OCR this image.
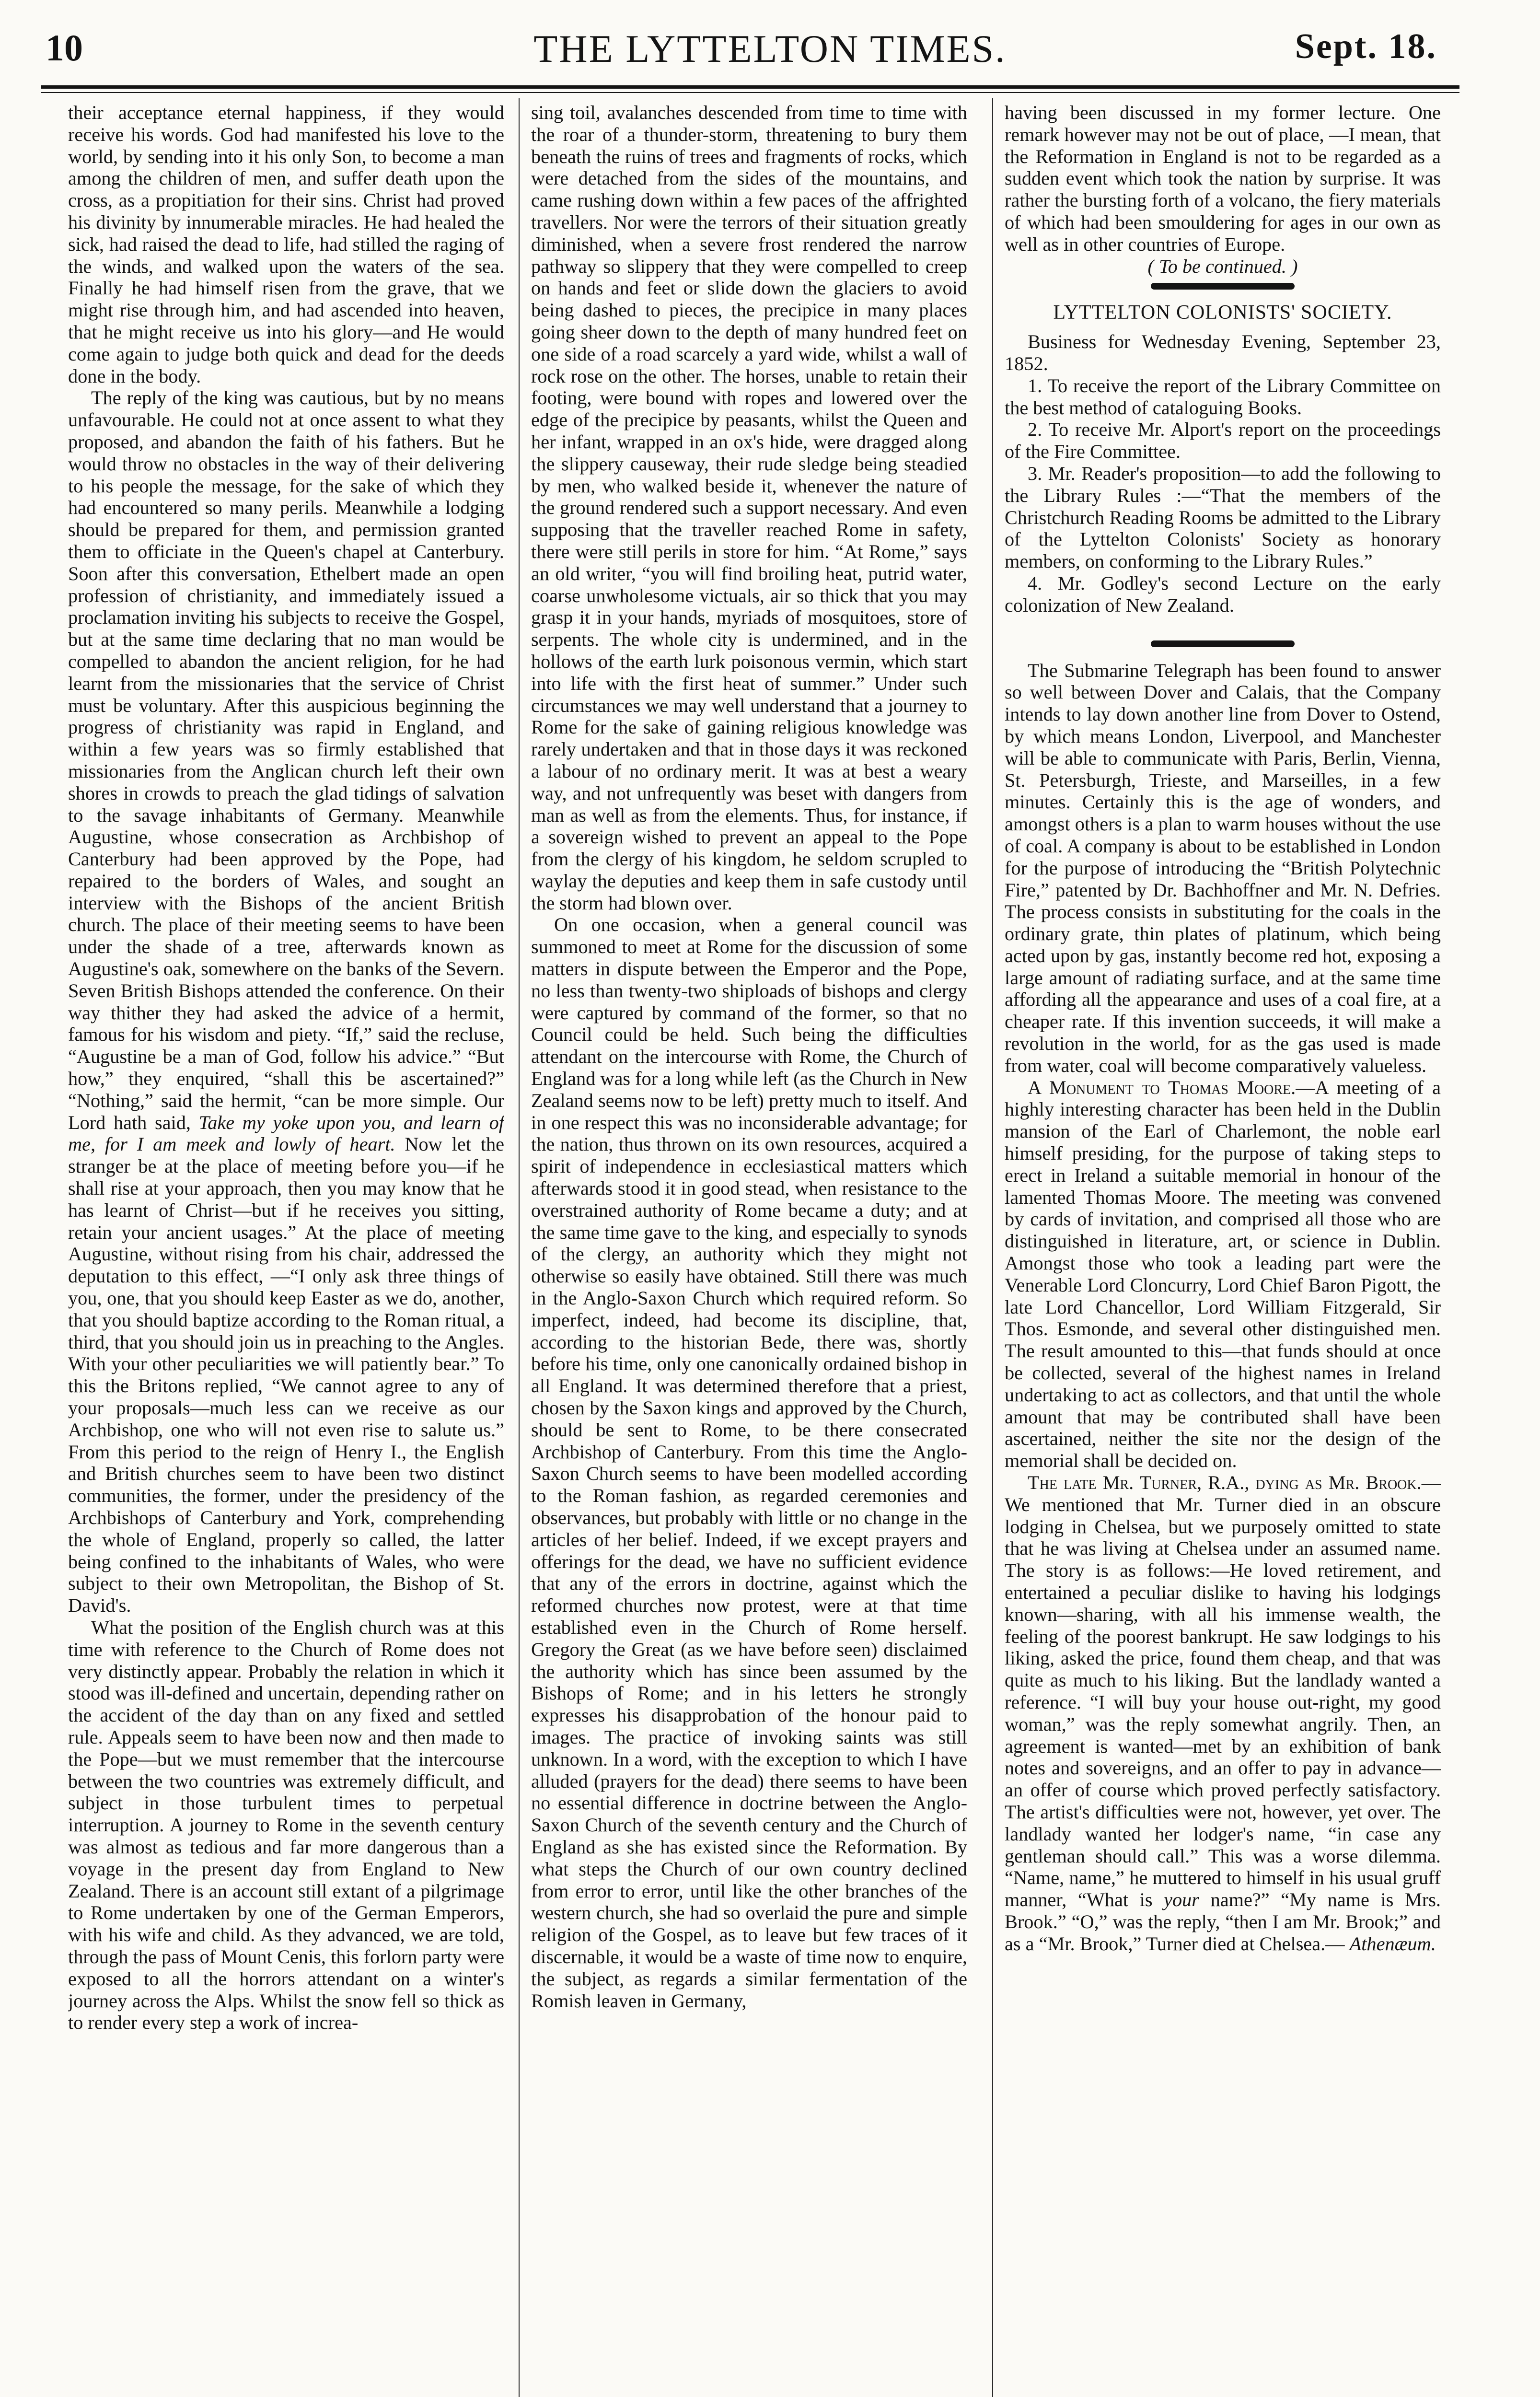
10	THE LYTTELTON TIMES.	Sept. 18.

their acceptance eternal happiness, if they would receive his words. God had manifested his love to the world, by sending into it his only Son, to become a man among the children of men, and suffer death upon the cross, as a propitiation for their sins. Christ had proved his divinity by innumerable miracles. He had healed the sick, had raised the dead to life, had stilled the raging of the winds, and walked upon the waters of the sea. Finally he had himself risen from the grave, that we might rise through him, and had ascended into heaven, that he might receive us into his glory—and He would come again to judge both quick and dead for the deeds done in the body.

The reply of the king was cautious, but by no means unfavourable. He could not at once assent to what they proposed, and abandon the faith of his fathers. But he would throw no obstacles in the way of their delivering to his people the message, for the sake of which they had encountered so many perils. Meanwhile a lodging should be prepared for them, and permission granted them to officiate in the Queen's chapel at Canterbury. Soon after this conversation, Ethelbert made an open profession of christianity, and immediately issued a proclamation inviting his subjects to receive the Gospel, but at the same time declaring that no man would be compelled to abandon the ancient religion, for he had learnt from the missionaries that the service of Christ must be voluntary. After this auspicious beginning the progress of christianity was rapid in England, and within a few years was so firmly established that missionaries from the Anglican church left their own shores in crowds to preach the glad tidings of salvation to the savage inhabitants of Germany. Meanwhile Augustine, whose consecration as Archbishop of Canterbury had been approved by the Pope, had repaired to the borders of Wales, and sought an interview with the Bishops of the ancient British church. The place of their meeting seems to have been under the shade of a tree, afterwards known as Augustine's oak, somewhere on the banks of the Severn. Seven British Bishops attended the conference. On their way thither they had asked the advice of a hermit, famous for his wisdom and piety. “If,” said the recluse, “Augustine be a man of God, follow his advice.” “But how,” they enquired, “shall this be ascertained?” “Nothing,” said the hermit, “can be more simple. Our Lord hath said, Take my yoke upon you, and learn of me, for I am meek and lowly of heart. Now let the stranger be at the place of meeting before you—if he shall rise at your approach, then you may know that he has learnt of Christ—but if he receives you sitting, retain your ancient usages.” At the place of meeting Augustine, without rising from his chair, addressed the deputation to this effect, —“I only ask three things of you, one, that you should keep Easter as we do, another, that you should baptize according to the Roman ritual, a third, that you should join us in preaching to the Angles. With your other peculiarities we will patiently bear.” To this the Britons replied, “We cannot agree to any of your proposals—much less can we receive as our Archbishop, one who will not even rise to salute us.” From this period to the reign of Henry I., the English and British churches seem to have been two distinct communities, the former, under the presidency of the Archbishops of Canterbury and York, comprehending the whole of England, properly so called, the latter being confined to the inhabitants of Wales, who were subject to their own Metropolitan, the Bishop of St. David's.

What the position of the English church was at this time with reference to the Church of Rome does not very distinctly appear. Probably the relation in which it stood was ill-defined and uncertain, depending rather on the accident of the day than on any fixed and settled rule. Appeals seem to have been now and then made to the Pope—but we must remember that the intercourse between the two countries was extremely difficult, and subject in those turbulent times to perpetual interruption. A journey to Rome in the seventh century was almost as tedious and far more dangerous than a voyage in the present day from England to New Zealand. There is an account still extant of a pilgrimage to Rome undertaken by one of the German Emperors, with his wife and child. As they advanced, we are told, through the pass of Mount Cenis, this forlorn party were exposed to all the horrors attendant on a winter's journey across the Alps. Whilst the snow fell so thick as to render every step a work of increa-

sing toil, avalanches descended from time to time with the roar of a thunder-storm, threatening to bury them beneath the ruins of trees and fragments of rocks, which were detached from the sides of the mountains, and came rushing down within a few paces of the affrighted travellers. Nor were the terrors of their situation greatly diminished, when a severe frost rendered the narrow pathway so slippery that they were compelled to creep on hands and feet or slide down the glaciers to avoid being dashed to pieces, the precipice in many places going sheer down to the depth of many hundred feet on one side of a road scarcely a yard wide, whilst a wall of rock rose on the other. The horses, unable to retain their footing, were bound with ropes and lowered over the edge of the precipice by peasants, whilst the Queen and her infant, wrapped in an ox's hide, were dragged along the slippery causeway, their rude sledge being steadied by men, who walked beside it, whenever the nature of the ground rendered such a support necessary. And even supposing that the traveller reached Rome in safety, there were still perils in store for him. “At Rome,” says an old writer, “you will find broiling heat, putrid water, coarse unwholesome victuals, air so thick that you may grasp it in your hands, myriads of mosquitoes, store of serpents. The whole city is undermined, and in the hollows of the earth lurk poisonous vermin, which start into life with the first heat of summer.” Under such circumstances we may well understand that a journey to Rome for the sake of gaining religious knowledge was rarely undertaken and that in those days it was reckoned a labour of no ordinary merit. It was at best a weary way, and not unfrequently was beset with dangers from man as well as from the elements. Thus, for instance, if a sovereign wished to prevent an appeal to the Pope from the clergy of his kingdom, he seldom scrupled to waylay the deputies and keep them in safe custody until the storm had blown over.

On one occasion, when a general council was summoned to meet at Rome for the discussion of some matters in dispute between the Emperor and the Pope, no less than twenty-two shiploads of bishops and clergy were captured by command of the former, so that no Council could be held. Such being the difficulties attendant on the intercourse with Rome, the Church of England was for a long while left (as the Church in New Zealand seems now to be left) pretty much to itself. And in one respect this was no inconsiderable advantage; for the nation, thus thrown on its own resources, acquired a spirit of independence in ecclesiastical matters which afterwards stood it in good stead, when resistance to the overstrained authority of Rome became a duty; and at the same time gave to the king, and especially to synods of the clergy, an authority which they might not otherwise so easily have obtained. Still there was much in the Anglo-Saxon Church which required reform. So imperfect, indeed, had become its discipline, that, according to the historian Bede, there was, shortly before his time, only one canonically ordained bishop in all England. It was determined therefore that a priest, chosen by the Saxon kings and approved by the Church, should be sent to Rome, to be there consecrated Archbishop of Canterbury. From this time the Anglo-Saxon Church seems to have been modelled according to the Roman fashion, as regarded ceremonies and observances, but probably with little or no change in the articles of her belief. Indeed, if we except prayers and offerings for the dead, we have no sufficient evidence that any of the errors in doctrine, against which the reformed churches now protest, were at that time established even in the Church of Rome herself. Gregory the Great (as we have before seen) disclaimed the authority which has since been assumed by the Bishops of Rome; and in his letters he strongly expresses his disapprobation of the honour paid to images. The practice of invoking saints was still unknown. In a word, with the exception to which I have alluded (prayers for the dead) there seems to have been no essential difference in doctrine between the Anglo-Saxon Church of the seventh century and the Church of England as she has existed since the Reformation. By what steps the Church of our own country declined from error to error, until like the other branches of the western church, she had so overlaid the pure and simple religion of the Gospel, as to leave but few traces of it discernable, it would be a waste of time now to enquire, the subject, as regards a similar fermentation of the Romish leaven in Germany,

having been discussed in my former lecture. One remark however may not be out of place, —I mean, that the Reformation in England is not to be regarded as a sudden event which took the nation by surprise. It was rather the bursting forth of a volcano, the fiery materials of which had been smouldering for ages in our own as well as in other countries of Europe.

( To be continued. )

LYTTELTON COLONISTS' SOCIETY.

Business for Wednesday Evening, September 23, 1852.

1. To receive the report of the Library Committee on the best method of cataloguing Books.

2. To receive Mr. Alport's report on the proceedings of the Fire Committee.

3. Mr. Reader's proposition—to add the following to the Library Rules :—“That the members of the Christchurch Reading Rooms be admitted to the Library of the Lyttelton Colonists' Society as honorary members, on conforming to the Library Rules.”

4. Mr. Godley's second Lecture on the early colonization of New Zealand.

The Submarine Telegraph has been found to answer so well between Dover and Calais, that the Company intends to lay down another line from Dover to Ostend, by which means London, Liverpool, and Manchester will be able to communicate with Paris, Berlin, Vienna, St. Petersburgh, Trieste, and Marseilles, in a few minutes. Certainly this is the age of wonders, and amongst others is a plan to warm houses without the use of coal. A company is about to be established in London for the purpose of introducing the “British Polytechnic Fire,” patented by Dr. Bachhoffner and Mr. N. Defries. The process consists in substituting for the coals in the ordinary grate, thin plates of platinum, which being acted upon by gas, instantly become red hot, exposing a large amount of radiating surface, and at the same time affording all the appearance and uses of a coal fire, at a cheaper rate. If this invention succeeds, it will make a revolution in the world, for as the gas used is made from water, coal will become comparatively valueless.

A Monument to Thomas Moore.—A meeting of a highly interesting character has been held in the Dublin mansion of the Earl of Charlemont, the noble earl himself presiding, for the purpose of taking steps to erect in Ireland a suitable memorial in honour of the lamented Thomas Moore. The meeting was convened by cards of invitation, and comprised all those who are distinguished in literature, art, or science in Dublin. Amongst those who took a leading part were the Venerable Lord Cloncurry, Lord Chief Baron Pigott, the late Lord Chancellor, Lord William Fitzgerald, Sir Thos. Esmonde, and several other distinguished men. The result amounted to this—that funds should at once be collected, several of the highest names in Ireland undertaking to act as collectors, and that until the whole amount that may be contributed shall have been ascertained, neither the site nor the design of the memorial shall be decided on.

The late Mr. Turner, R.A., dying as Mr. Brook.—We mentioned that Mr. Turner died in an obscure lodging in Chelsea, but we purposely omitted to state that he was living at Chelsea under an assumed name. The story is as follows:—He loved retirement, and entertained a peculiar dislike to having his lodgings known—sharing, with all his immense wealth, the feeling of the poorest bankrupt. He saw lodgings to his liking, asked the price, found them cheap, and that was quite as much to his liking. But the landlady wanted a reference. “I will buy your house out-right, my good woman,” was the reply somewhat angrily. Then, an agreement is wanted—met by an exhibition of bank notes and sovereigns, and an offer to pay in advance—an offer of course which proved perfectly satisfactory. The artist's difficulties were not, however, yet over. The landlady wanted her lodger's name, “in case any gentleman should call.” This was a worse dilemma. “Name, name,” he muttered to himself in his usual gruff manner, “What is your name?” “My name is Mrs. Brook.” “O,” was the reply, “then I am Mr. Brook;” and as a “Mr. Brook,” Turner died at Chelsea.— Athenæum.
